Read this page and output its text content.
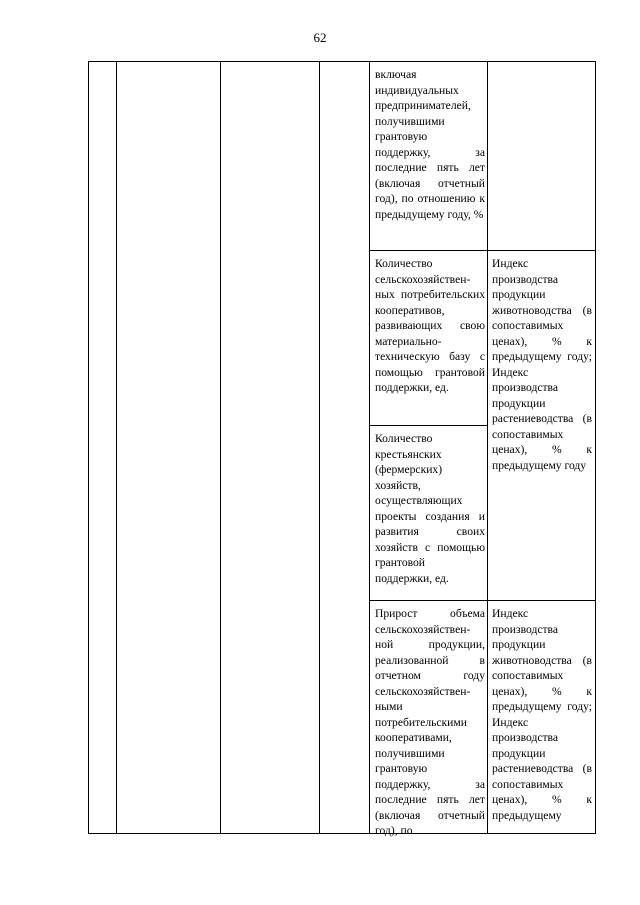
62
включая индивидуальных предпринимателей, получившими грантовую поддержку, за последние пять лет (включая отчетный год), по отношению к предыдущему году, %
Количество сельскохозяйствен-ных потребительских кооперативов, развивающих свою материально-техническую базу с помощью грантовой поддержки, ед.
Индекс производства продукции животноводства (в сопоставимых ценах), % к предыдущему году; Индекс производства продукции растениеводства (в сопоставимых ценах), % к предыдущему году
Количество крестьянских (фермерских) хозяйств, осуществляющих проекты создания и развития своих хозяйств с помощью грантовой поддержки, ед.
Прирост объема сельскохозяйствен-ной продукции, реализованной в отчетном году сельскохозяйствен-ными потребительскими кооперативами, получившими грантовую поддержку, за последние пять лет (включая отчетный год), по
Индекс производства продукции животноводства (в сопоставимых ценах), % к предыдущему году; Индекс производства продукции растениеводства (в сопоставимых ценах), % к предыдущему
